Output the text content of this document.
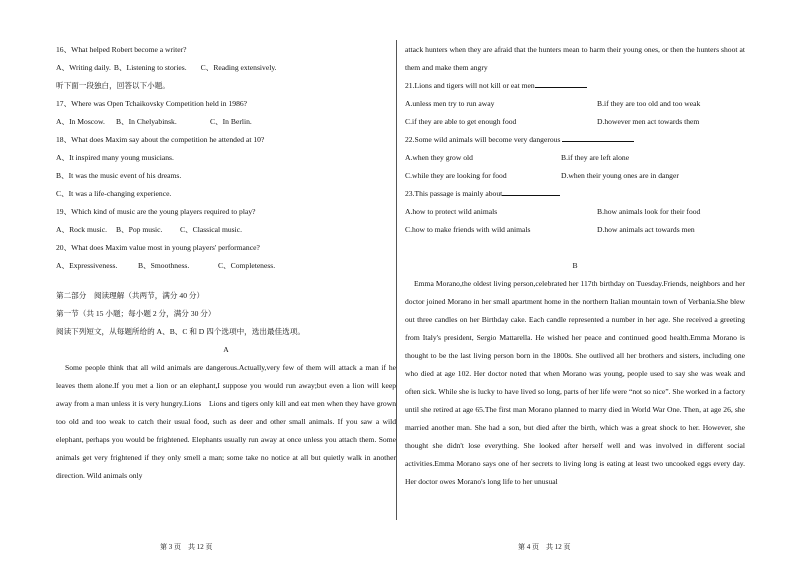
16、What helped Robert become a writer?
A、Writing daily. B、Listening to stories. C、Reading extensively.
听下面一段独白，回答以下小题。
17、Where was Open Tchaikovsky Competition held in 1986?
A、In Moscow.	B、In Chelyabinsk.	C、In Berlin.
18、What does Maxim say about the competition he attended at 10?
A、It inspired many young musicians.
B、It was the music event of his dreams.
C、It was a life-changing experience.
19、Which kind of music are the young players required to play?
A、Rock music.	B、Pop music.	C、Classical music.
20、What does Maxim value most in young players' performance?
A、Expressiveness.	B、Smoothness.	C、Completeness.
第二部分　阅读理解（共两节，满分 40 分）
第一节（共 15 小题；每小题 2 分，满分 30 分）
阅读下列短文，从每题所给的 A、B、C 和 D 四个选项中，选出最佳选项。
A
Some people think that all wild animals are dangerous.Actually,very few of them will attack a man if he leaves them alone.If you met a lion or an elephant,I suppose you would run away;but even a lion will keep away from a man unless it is very hungry.Lions　Lions and tigers only kill and eat men when they have grown too old and too weak to catch their usual food, such as deer and other small animals. If you saw a wild elephant, perhaps you would be frightened. Elephants usually run away at once unless you attach them. Some animals get very frightened if they only smell a man; some take no notice at all but quietly walk in another direction. Wild animals only
attack hunters when they are afraid that the hunters mean to harm their young ones, or then the hunters shoot at them and make them angry
21.Lions and tigers will not kill or eat men
A.unless men try to run away	B.if they are too old and too weak
C.if they are able to get enough food	D.however men act towards them
22.Some wild animals will become very dangerous
A.when they grow old	B.if they are left alone
C.while they are looking for food	D.when their young ones are in danger
23.This passage is mainly about
A.how to protect wild animals	B.how animals look for their food
C.how to make friends with wild animals	D.how animals act towards men
B
Emma Morano,the oldest living person,celebrated her 117th birthday on Tuesday.Friends, neighbors and her doctor joined Morano in her small apartment home in the northern Italian mountain town of Verbania.She blew out three candles on her Birthday cake. Each candle represented a number in her age. She received a greeting from Italy's president, Sergio Mattarella. He wished her peace and continued good health.Emma Morano is thought to be the last living person born in the 1800s. She outlived all her brothers and sisters, including one who died at age 102. Her doctor noted that when Morano was young, people used to say she was weak and often sick. While she is lucky to have lived so long, parts of her life were “not so nice”. She worked in a factory until she retired at age 65.The first man Morano planned to marry died in World War One. Then, at age 26, she married another man. She had a son, but died after the birth, which was a great shock to her. However, she thought she didn't lose everything. She looked after herself well and was involved in different social activities.Emma Morano says one of her secrets to living long is eating at least two uncooked eggs every day. Her doctor owes Morano's long life to her unusual
第 3 页　共 12 页	第 4 页　共 12 页
